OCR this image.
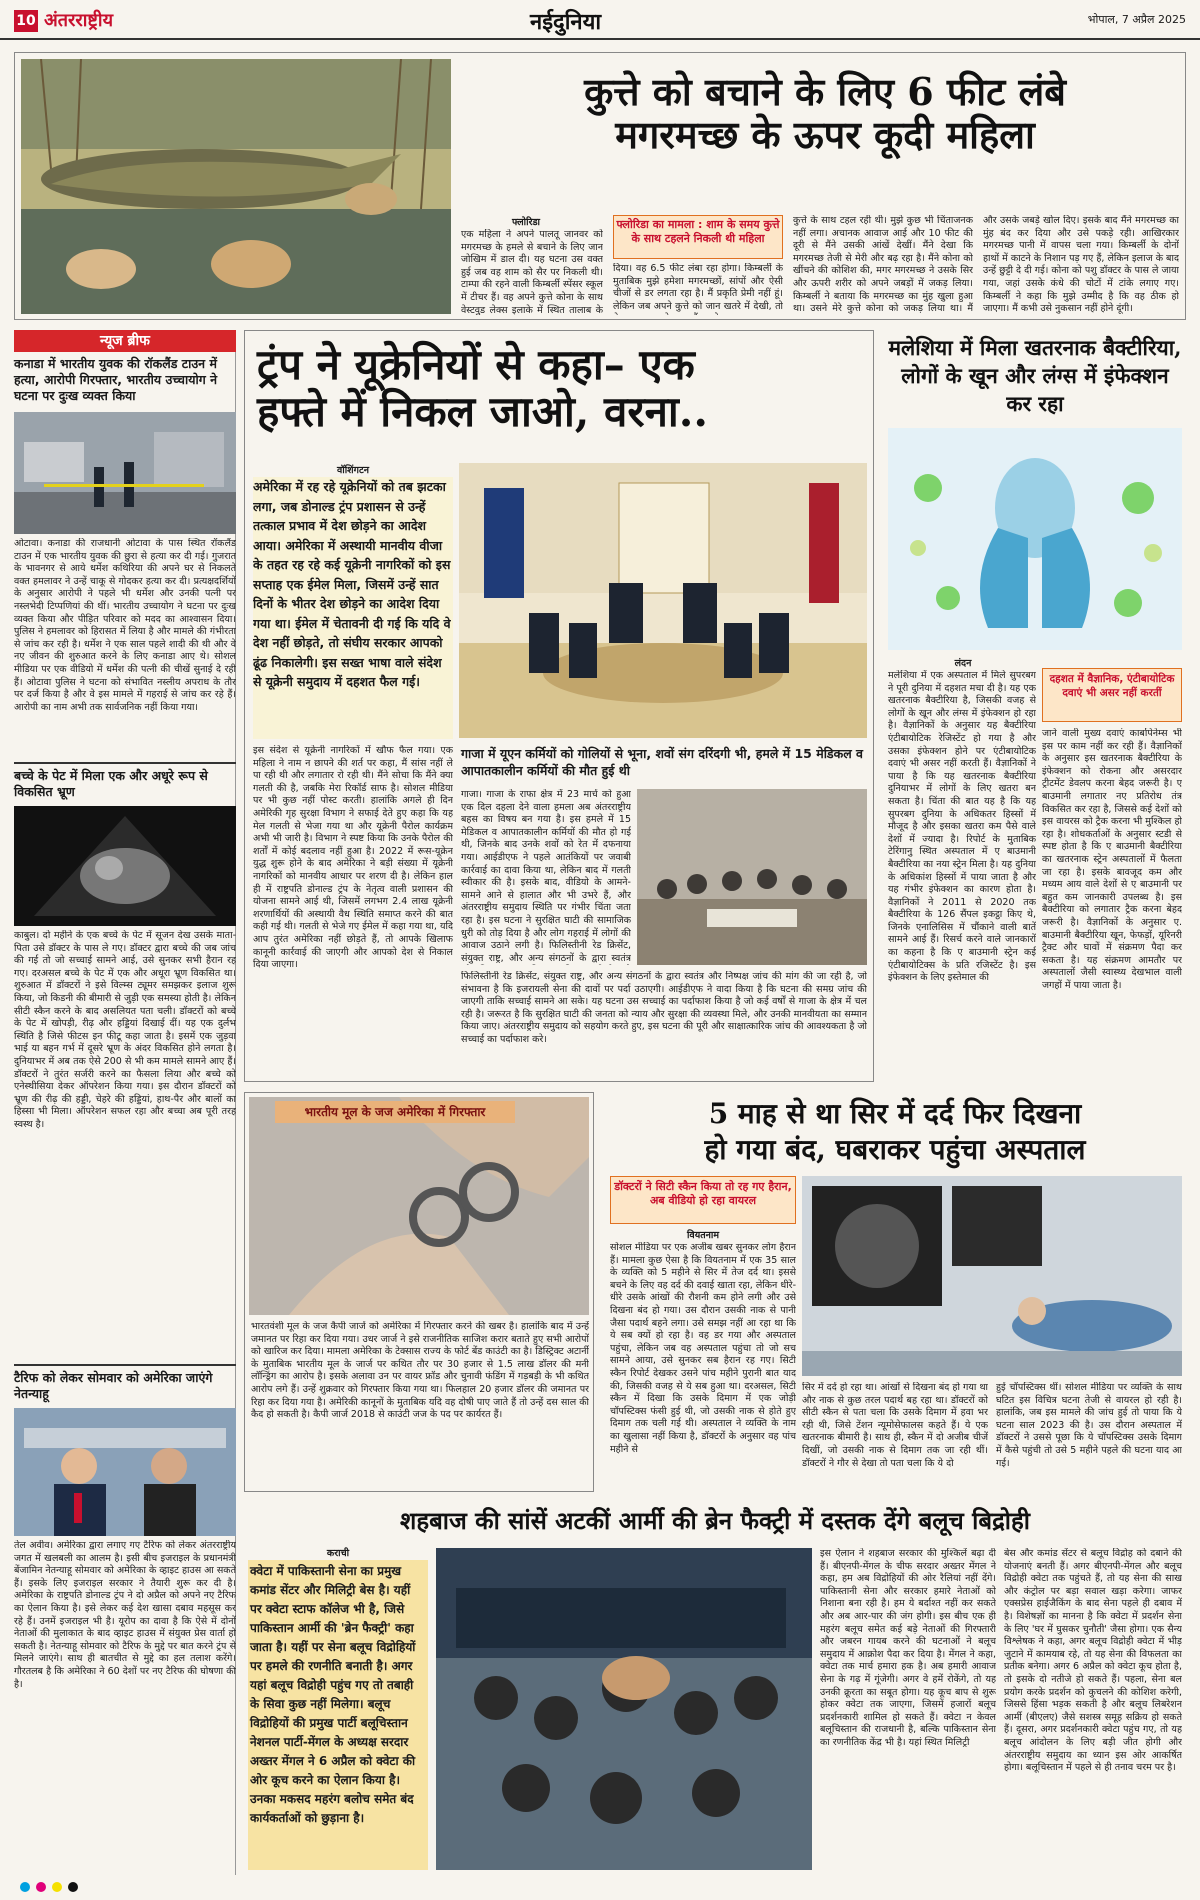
10 अंतरराष्ट्रीय	नईदुनिया	भोपाल, 7 अप्रैल 2025
कुत्ते को बचाने के लिए 6 फीट लंबे
मगरमच्छ के ऊपर कूदी महिला
फ्लोरिडा
एक महिला ने अपने पालतू जानवर को मगरमच्छ के हमले से बचाने के लिए जान जोखिम में डाल दी। यह घटना उस वक्त हुई जब वह शाम को सैर पर निकली थी। टाम्पा की रहने वाली किम्बर्ली स्पेंसर स्कूल में टीचर हैं। वह अपने कुत्ते कोना के साथ वेस्टवुड लेक्स इलाके में स्थित तालाब के
फ्लोरिडा का मामला : शाम के समय कुत्ते के साथ टहलने निकली थी महिला
दिया। वह 6.5 फीट लंबा रहा होगा। किम्बर्ली के मुताबिक मुझे हमेशा मगरमच्छों, सांपों और ऐसी चीजों से डर लगता रहा है। मैं प्रकृति प्रेमी नहीं हूं। लेकिन जब अपने कुत्ते को जान खतरे में देखी, तो
कुत्ते के साथ टहल रही थी। मुझे कुछ भी चिंताजनक नहीं लगा। अचानक आवाज आई और 10 फीट की दूरी से मैंने उसकी आंखें देखीं। मैंने देखा कि मगरमच्छ तेजी से मेरी और बढ़ रहा है। मैंने कोना को खींचने की कोशिश की, मगर मगरमच्छ ने उसके सिर और ऊपरी शरीर को अपने जबड़ों में जकड़ लिया। किम्बर्ली ने बताया कि मगरमच्छ का मुंह खुला हुआ था। उसने मेरे कुत्ते कोना को जकड़ लिया था। मैं
और उसके जबड़े खोल दिए। इसके बाद मैंने मगरमच्छ का मुंह बंद कर दिया और उसे पकड़े रही। आखिरकार मगरमच्छ पानी में वापस चला गया। किम्बर्ली के दोनों हाथों में काटने के निशान पड़ गए हैं, लेकिन इलाज के बाद उन्हें छुट्टी दे दी गई। कोना को पशु डॉक्टर के पास ले जाया गया, जहां उसके कंधे की चोटों में टांके लगाए गए। किम्बर्ली ने कहा कि मुझे उम्मीद है कि वह ठीक हो जाएगा। मैं कभी उसे नुकसान नहीं होने दूंगी।
न्यूज ब्रीफ
कनाडा में भारतीय युवक की रॉकलैंड टाउन में हत्या, आरोपी गिरफ्तार, भारतीय उच्चायोग ने घटना पर दुःख व्यक्त किया
ओटावा। कनाडा की राजधानी ओटावा के पास स्थित रॉकलैंड टाउन में एक भारतीय युवक की छुरा से हत्या कर दी गई। गुजरात के भावनगर से आये धर्मेश कथिरिया की अपने घर से निकलते वक्त हमलावर ने उन्हें चाकू से गोदकर हत्या कर दी। प्रत्यक्षदर्शियों के अनुसार आरोपी ने पहले भी धर्मेश और उनकी पत्नी पर नस्लभेदी टिप्पणियां की थीं। भारतीय उच्चायोग ने घटना पर दुःख व्यक्त किया और पीड़ित परिवार को मदद का आश्वासन दिया। पुलिस ने हमलावर को हिरासत में लिया है और मामले की गंभीरता से जांच कर रही है। धर्मेश ने एक साल पहले शादी की थी और वे नए जीवन की शुरुआत करने के लिए कनाडा आए थे। सोशल मीडिया पर एक वीडियो में धर्मेश की पत्नी की चीखें सुनाई दे रही हैं। ओटावा पुलिस ने घटना को संभावित नस्लीय अपराध के तौर पर दर्ज किया है और वे इस मामले में गहराई से जांच कर रहे हैं। आरोपी का नाम अभी तक सार्वजनिक नहीं किया गया।
बच्चे के पेट में मिला एक और अधूरे रूप से विकसित भ्रूण
काबुल। दो महीने के एक बच्चे के पेट में सूजन देख उसके माता-पिता उसे डॉक्टर के पास ले गए। डॉक्टर द्वारा बच्चे की जब जांच की गई तो जो सच्चाई सामने आई, उसे सुनकर सभी हैरान रह गए। दरअसल बच्चे के पेट में एक और अधूरा भ्रूण विकसित था। शुरुआत में डॉक्टरों ने इसे विल्म्स ट्यूमर समझकर इलाज शुरू किया, जो किडनी की बीमारी से जुड़ी एक समस्या होती है। लेकिन सीटी स्कैन करने के बाद असलियत पता चली। डॉक्टरों को बच्चे के पेट में खोपड़ी, रीढ़ और हड्डियां दिखाई दीं। यह एक दुर्लभ स्थिति है जिसे फीटस इन फीटू कहा जाता है। इसमें एक जुड़वा भाई या बहन गर्भ में दूसरे भ्रूण के अंदर विकसित होने लगता है। दुनियाभर में अब तक ऐसे 200 से भी कम मामले सामने आए हैं। डॉक्टरों ने तुरंत सर्जरी करने का फैसला लिया और बच्चे को एनेस्थीसिया देकर ऑपरेशन किया गया। इस दौरान डॉक्टरों को भ्रूण की रीढ़ की हड्डी, चेहरे की हड्डियां, हाथ-पैर और बालों का हिस्सा भी मिला। ऑपरेशन सफल रहा और बच्चा अब पूरी तरह स्वस्थ है।
टैरिफ को लेकर सोमवार को अमेरिका जाएंगे नेतन्याहू
तेल अवीव। अमेरिका द्वारा लगाए गए टैरिफ को लेकर अंतरराष्ट्रीय जगत में खलबली का आलम है। इसी बीच इजराइल के प्रधानमंत्री बेंजामिन नेतन्याहू सोमवार को अमेरिका के व्हाइट हाउस आ सकते हैं। इसके लिए इजराइल सरकार ने तैयारी शुरू कर दी है। अमेरिका के राष्ट्रपति डोनाल्ड ट्रंप ने दो अप्रैल को अपने नए टैरिफ का ऐलान किया है। इसे लेकर कई देश खासा दबाव महसूस कर रहे हैं। उनमें इजराइल भी है। यूरोप का दावा है कि ऐसे में दोनों नेताओं की मुलाकात के बाद व्हाइट हाउस में संयुक्त प्रेस वार्ता हो सकती है। नेतन्याहू सोमवार को टैरिफ के मुद्दे पर बात करने ट्रंप से मिलने जाएंगे। साथ ही बातचीत से मुद्दे का हल तलाश करेंगे। गौरतलब है कि अमेरिका ने 60 देशों पर नए टैरिफ की घोषणा की है।
ट्रंप ने यूक्रेनियों से कहा– एक
हफ्ते में निकल जाओ, वरना..
वॉशिंगटन
अमेरिका में रह रहे यूक्रेनियों को तब झटका लगा, जब डोनाल्ड ट्रंप प्रशासन से उन्हें तत्काल प्रभाव में देश छोड़ने का आदेश आया। अमेरिका में अस्थायी मानवीय वीजा के तहत रह रहे कई यूक्रेनी नागरिकों को इस सप्ताह एक ईमेल मिला, जिसमें उन्हें सात दिनों के भीतर देश छोड़ने का आदेश दिया गया था। ईमेल में चेतावनी दी गई कि यदि वे देश नहीं छोड़ते, तो संघीय सरकार आपको ढूंढ निकालेगी। इस सख्त भाषा वाले संदेश से यूक्रेनी समुदाय में दहशत फैल गई।
इस संदेश से यूक्रेनी नागरिकों में खौफ फैल गया। एक महिला ने नाम न छापने की शर्त पर कहा, मैं सांस नहीं ले पा रही थी और लगातार रो रही थी। मैंने सोचा कि मैंने क्या गलती की है, जबकि मेरा रिकॉर्ड साफ है। सोशल मीडिया पर भी कुछ नहीं पोस्ट करती। हालांकि अगले ही दिन अमेरिकी गृह सुरक्षा विभाग ने सफाई देते हुए कहा कि यह मेल गलती से भेजा गया था और यूक्रेनी पैरोल कार्यक्रम अभी भी जारी है। विभाग ने स्पष्ट किया कि उनके पैरोल की शर्तों में कोई बदलाव नहीं हुआ है। 2022 में रूस-यूक्रेन युद्ध शुरू होने के बाद अमेरिका ने बड़ी संख्या में यूक्रेनी नागरिकों को मानवीय आधार पर शरण दी है। लेकिन हाल ही में राष्ट्रपति डोनाल्ड ट्रंप के नेतृत्व वाली प्रशासन की योजना सामने आई थी, जिसमें लगभग 2.4 लाख यूक्रेनी शरणार्थियों की अस्थायी वैध स्थिति समाप्त करने की बात कही गई थी। गलती से भेजे गए ईमेल में कहा गया था, यदि आप तुरंत अमेरिका नहीं छोड़ते हैं, तो आपके खिलाफ कानूनी कार्रवाई की जाएगी और आपको देश से निकाल दिया जाएगा।
गाजा में यूएन कर्मियों को गोलियों से भूना, शवों संग दरिंदगी भी, हमले में 15 मेडिकल व आपातकालीन कर्मियों की मौत हुई थी

गाजा। गाजा के राफा क्षेत्र में 23 मार्च को हुआ एक दिल दहला देने वाला हमला अब अंतरराष्ट्रीय बहस का विषय बन गया है। इस हमले में 15 मेडिकल व आपातकालीन कर्मियों की मौत हो गई थी, जिनके बाद उनके शवों को रेत में दफनाया गया। आईडीएफ ने पहले आतंकियों पर जवाबी कार्रवाई का दावा किया था, लेकिन बाद में गलती स्वीकार की है। इसके बाद, वीडियो के आमने-सामने आने से हालात और भी उभरे हैं, और अंतरराष्ट्रीय समुदाय स्थिति पर गंभीर चिंता जता रहा है। इस घटना ने सुरक्षित घाटी की सामाजिक धुरी को तोड़ दिया है और लोग गहराई में लोगों की आवाज उठाने लगी है। फिलिस्तीनी रेड क्रिसेंट, संयुक्त राष्ट्र, और अन्य संगठनों के द्वारा स्वतंत्र

फिलिस्तीनी रेड क्रिसेंट, संयुक्त राष्ट्र, और अन्य संगठनों के द्वारा स्वतंत्र और निष्पक्ष जांच की मांग की जा रही है, जो संभावना है कि इजरायली सेना की दावों पर पर्दा उठाएगी। आईडीएफ ने वादा किया है कि घटना की समग्र जांच की जाएगी ताकि सच्चाई सामने आ सके। यह घटना उस सच्चाई का पर्दाफाश किया है जो कई वर्षों से गाजा के क्षेत्र में चल रही है। जरूरत है कि सुरक्षित घाटी की जनता को न्याय और सुरक्षा की व्यवस्था मिले, और उनकी मानवीयता का सम्मान किया जाए। अंतरराष्ट्रीय समुदाय को सहयोग करते हुए, इस घटना की पूरी और साक्षात्कारिक जांच की आवश्यकता है जो सच्चाई का पर्दाफाश करे।
मलेशिया में मिला खतरनाक बैक्टीरिया, लोगों के खून और लंग्स में इंफेक्शन कर रहा
लंदन
मलेशिया में एक अस्पताल में मिले सुपरबग ने पूरी दुनिया में दहशत मचा दी है। यह एक खतरनाक बैक्टीरिया है, जिसकी वजह से लोगों के खून और लंग्स में इंफेक्शन हो रहा है। वैज्ञानिकों के अनुसार यह बैक्टीरिया एंटीबायोटिक रेजिस्टेंट हो गया है और उसका इंफेक्शन होने पर एंटीबायोटिक दवाएं भी असर नहीं करती हैं। वैज्ञानिकों ने पाया है कि यह खतरनाक बैक्टीरिया दुनियाभर में लोगों के लिए खतरा बन सकता है। चिंता की बात यह है कि यह सुपरबग दुनिया के अधिकतर हिस्सों में मौजूद है और इसका खतरा कम पैसे वाले देशों में ज्यादा है। रिपोर्ट के मुताबिक टेरिंगानु स्थित अस्पताल में ए बाउमानी बैक्टीरिया का नया स्ट्रेन मिला है। यह दुनिया के अधिकांश हिस्सों में पाया जाता है और यह गंभीर इंफेक्शन का कारण होता है। वैज्ञानिकों ने 2011 से 2020 तक बैक्टीरिया के 126 सैंपल इकट्ठा किए थे, जिनके एनालिसिस में चौंकाने वाली बातें सामने आई हैं। रिसर्च करने वाले जानकारों का कहना है कि ए बाउमानी स्ट्रेन कई एंटीबायोटिक्स के प्रति रजिस्टेंट है। इस इंफेक्शन के लिए इस्तेमाल की
दहशत में वैज्ञानिक, एंटीबायोटिक दवाएं भी असर नहीं करतीं
जाने वाली मुख्य दवाएं कार्बापेनेम्स भी इस पर काम नहीं कर रही हैं। वैज्ञानिकों के अनुसार इस खतरनाक बैक्टीरिया के इंफेक्शन को रोकना और असरदार ट्रीटमेंट डेवलप करना बेहद जरूरी है। ए बाउमानी लगातार नए प्रतिरोध तंत्र विकसित कर रहा है, जिससे कई देशों को इस वायरस को ट्रैक करना भी मुश्किल हो रहा है। शोधकर्ताओं के अनुसार स्टडी से स्पष्ट होता है कि ए बाउमानी बैक्टीरिया का खतरनाक स्ट्रेन अस्पतालों में फैलता जा रहा है। इसके बावजूद कम और मध्यम आय वाले देशों से ए बाउमानी पर बहुत कम जानकारी उपलब्ध है। इस बैक्टीरिया को लगातार ट्रैक करना बेहद जरूरी है। वैज्ञानिकों के अनुसार ए. बाउमानी बैक्टीरिया खून, फेफड़ों, यूरिनरी ट्रैक्ट और घावों में संक्रमण पैदा कर सकता है। यह संक्रमण आमतौर पर अस्पतालों जैसी स्वास्थ्य देखभाल वाली जगहों में पाया जाता है।
भारतीय मूल के जज अमेरिका में गिरफ्तार
भारतवंशी मूल के जज कैपी जार्ज को अमेरिका में गिरफ्तार करने की खबर है। हालांकि बाद में उन्हें जमानत पर रिहा कर दिया गया। उधर जार्ज ने इसे राजनीतिक साजिश करार बताते हुए सभी आरोपों को खारिज कर दिया। मामला अमेरिका के टेक्सास राज्य के फोर्ट बेंड काउंटी का है। डिस्ट्रिक्ट अटार्नी के मुताबिक भारतीय मूल के जार्ज पर कथित तौर पर 30 हजार से 1.5 लाख डॉलर की मनी लॉन्ड्रिंग का आरोप है। इसके अलावा उन पर वायर फ्रॉड और चुनावी फंडिंग में गड़बड़ी के भी कथित आरोप लगे हैं। उन्हें शुक्रवार को गिरफ्तार किया गया था। फिलहाल 20 हजार डॉलर की जमानत पर रिहा कर दिया गया है। अमेरिकी कानूनों के मुताबिक यदि वह दोषी पाए जाते हैं तो उन्हें दस साल की कैद हो सकती है। कैपी जार्ज 2018 से काउंटी जज के पद पर कार्यरत हैं।
5 माह से था सिर में दर्द फिर दिखना
हो गया बंद, घबराकर पहुंचा अस्पताल
डॉक्टरों ने सिटी स्कैन किया तो रह गए हैरान, अब वीडियो हो रहा वायरल
वियतनाम
सोशल मीडिया पर एक अजीब खबर सुनकर लोग हैरान हैं। मामला कुछ ऐसा है कि वियतनाम में एक 35 साल के व्यक्ति को 5 महीने से सिर में तेज दर्द था। इससे बचने के लिए वह दर्द की दवाई खाता रहा, लेकिन धीरे-धीरे उसके आंखों की रौशनी कम होने लगी और उसे दिखना बंद हो गया। उस दौरान उसकी नाक से पानी जैसा पदार्थ बहने लगा। उसे समझ नहीं आ रहा था कि ये सब क्यों हो रहा है। वह डर गया और अस्पताल पहुंचा, लेकिन जब वह अस्पताल पहुंचा तो जो सच सामने आया, उसे सुनकर सब हैरान रह गए। सिटी स्कैन रिपोर्ट देखकर उसने पांच महीने पुरानी बात याद की, जिसकी वजह से ये सब हुआ था। दरअसल, सिटी स्कैन में दिखा कि उसके दिमाग में एक जोड़ी चॉपस्टिक्स फंसी हुई थी, जो उसकी नाक से होते हुए दिमाग तक चली गई थी। अस्पताल ने व्यक्ति के नाम का खुलासा नहीं किया है, डॉक्टरों के अनुसार वह पांच महीने से
सिर में दर्द हो रहा था। आंखों से दिखना बंद हो गया था और नाक से कुछ तरल पदार्थ बह रहा था। डॉक्टरों को सीटी स्कैन से पता चला कि उसके दिमाग में हवा भर रही थी, जिसे टेंशन न्यूमोसेफालस कहते हैं। ये एक खतरनाक बीमारी है। साथ ही, स्कैन में दो अजीब चीजें दिखीं, जो उसकी नाक से दिमाग तक जा रही थीं। डॉक्टरों ने गौर से देखा तो पता चला कि ये दो
हुई चॉपस्टिक्स थीं। सोशल मीडिया पर व्यक्ति के साथ घटित इस विचित्र घटना तेजी से वायरल हो रही है। हालांकि, जब इस मामले की जांच हुई तो पाया कि ये घटना साल 2023 की है। उस दौरान अस्पताल में डॉक्टरों ने उससे पूछा कि ये चॉपस्टिक्स उसके दिमाग में कैसे पहुंची तो उसे 5 महीने पहले की घटना याद आ गई।
शहबाज की सांसें अटकीं आर्मी की ब्रेन फैक्ट्री में दस्तक देंगे बलूच बिद्रोही
कराची
क्वेटा में पाकिस्तानी सेना का प्रमुख कमांड सेंटर और मिलिट्री बेस है। यहीं पर क्वेटा स्टाफ कॉलेज भी है, जिसे पाकिस्तान आर्मी की 'ब्रेन फैक्ट्री' कहा जाता है। यहीं पर सेना बलूच विद्रोहियों पर हमले की रणनीति बनाती है। अगर यहां बलूच विद्रोही पहुंच गए तो तबाही के सिवा कुछ नहीं मिलेगा। बलूच विद्रोहियों की प्रमुख पार्टी बलूचिस्तान नेशनल पार्टी-मेंगल के अध्यक्ष सरदार अख्तर मेंगल ने 6 अप्रैल को क्वेटा की ओर कूच करने का ऐलान किया है। उनका मकसद महरंग बलोच समेत बंद कार्यकर्ताओं को छुड़ाना है।
इस ऐलान ने शहबाज सरकार की मुश्किलें बढ़ा दी हैं। बीएनपी-मेंगल के चीफ सरदार अख्तर मेंगल ने कहा, हम अब विद्रोहियों की ओर रैलियां नहीं देंगे। पाकिस्तानी सेना और सरकार हमारे नेताओं को निशाना बना रही है। हम ये बर्दाश्त नहीं कर सकते और अब आर-पार की जंग होगी। इस बीच एक ही महरंग बलूच समेत कई बड़े नेताओं की गिरफ्तारी और जबरन गायब करने की घटनाओं ने बलूच समुदाय में आक्रोश पैदा कर दिया है। मेंगल ने कहा, क्वेटा तक मार्च हमारा हक है। अब हमारी आवाज सेना के गढ़ में गूंजेगी। अगर वे हमें रोकेंगे, तो यह उनकी क्रूरता का सबूत होगा। यह कूच बाप से शुरू होकर क्वेटा तक जाएगा, जिसमें हजारों बलूच प्रदर्शनकारी शामिल हो सकते हैं। क्वेटा न केवल बलूचिस्तान की राजधानी है, बल्कि पाकिस्तान सेना का रणनीतिक केंद्र भी है। यहां स्थित मिलिट्री
बेस और कमांड सेंटर से बलूच विद्रोह को दबाने की योजनाएं बनती हैं। अगर बीएनपी-मेंगल और बलूच विद्रोही क्वेटा तक पहुंचते हैं, तो यह सेना की साख और कंट्रोल पर बड़ा सवाल खड़ा करेगा। जाफर एक्सप्रेस हाईजैकिंग के बाद सेना पहले ही दबाव में है। विशेषज्ञों का मानना है कि क्वेटा में प्रदर्शन सेना के लिए 'घर में घुसकर चुनौती' जैसा होगा। एक सैन्य विश्लेषक ने कहा, अगर बलूच विद्रोही क्वेटा में भीड़ जुटाने में कामयाब रहे, तो यह सेना की विफलता का प्रतीक बनेगा। अगर 6 अप्रैल को क्वेटा कूच होता है, तो इसके दो नतीजे हो सकते हैं। पहला, सेना बल प्रयोग करके प्रदर्शन को कुचलने की कोशिश करेगी, जिससे हिंसा भड़क सकती है और बलूच लिबरेशन आर्मी (बीएलए) जैसे सशस्त्र समूह सक्रिय हो सकते हैं। दूसरा, अगर प्रदर्शनकारी क्वेटा पहुंच गए, तो यह बलूच आंदोलन के लिए बड़ी जीत होगी और अंतरराष्ट्रीय समुदाय का ध्यान इस ओर आकर्षित होगा। बलूचिस्तान में पहले से ही तनाव चरम पर है।
